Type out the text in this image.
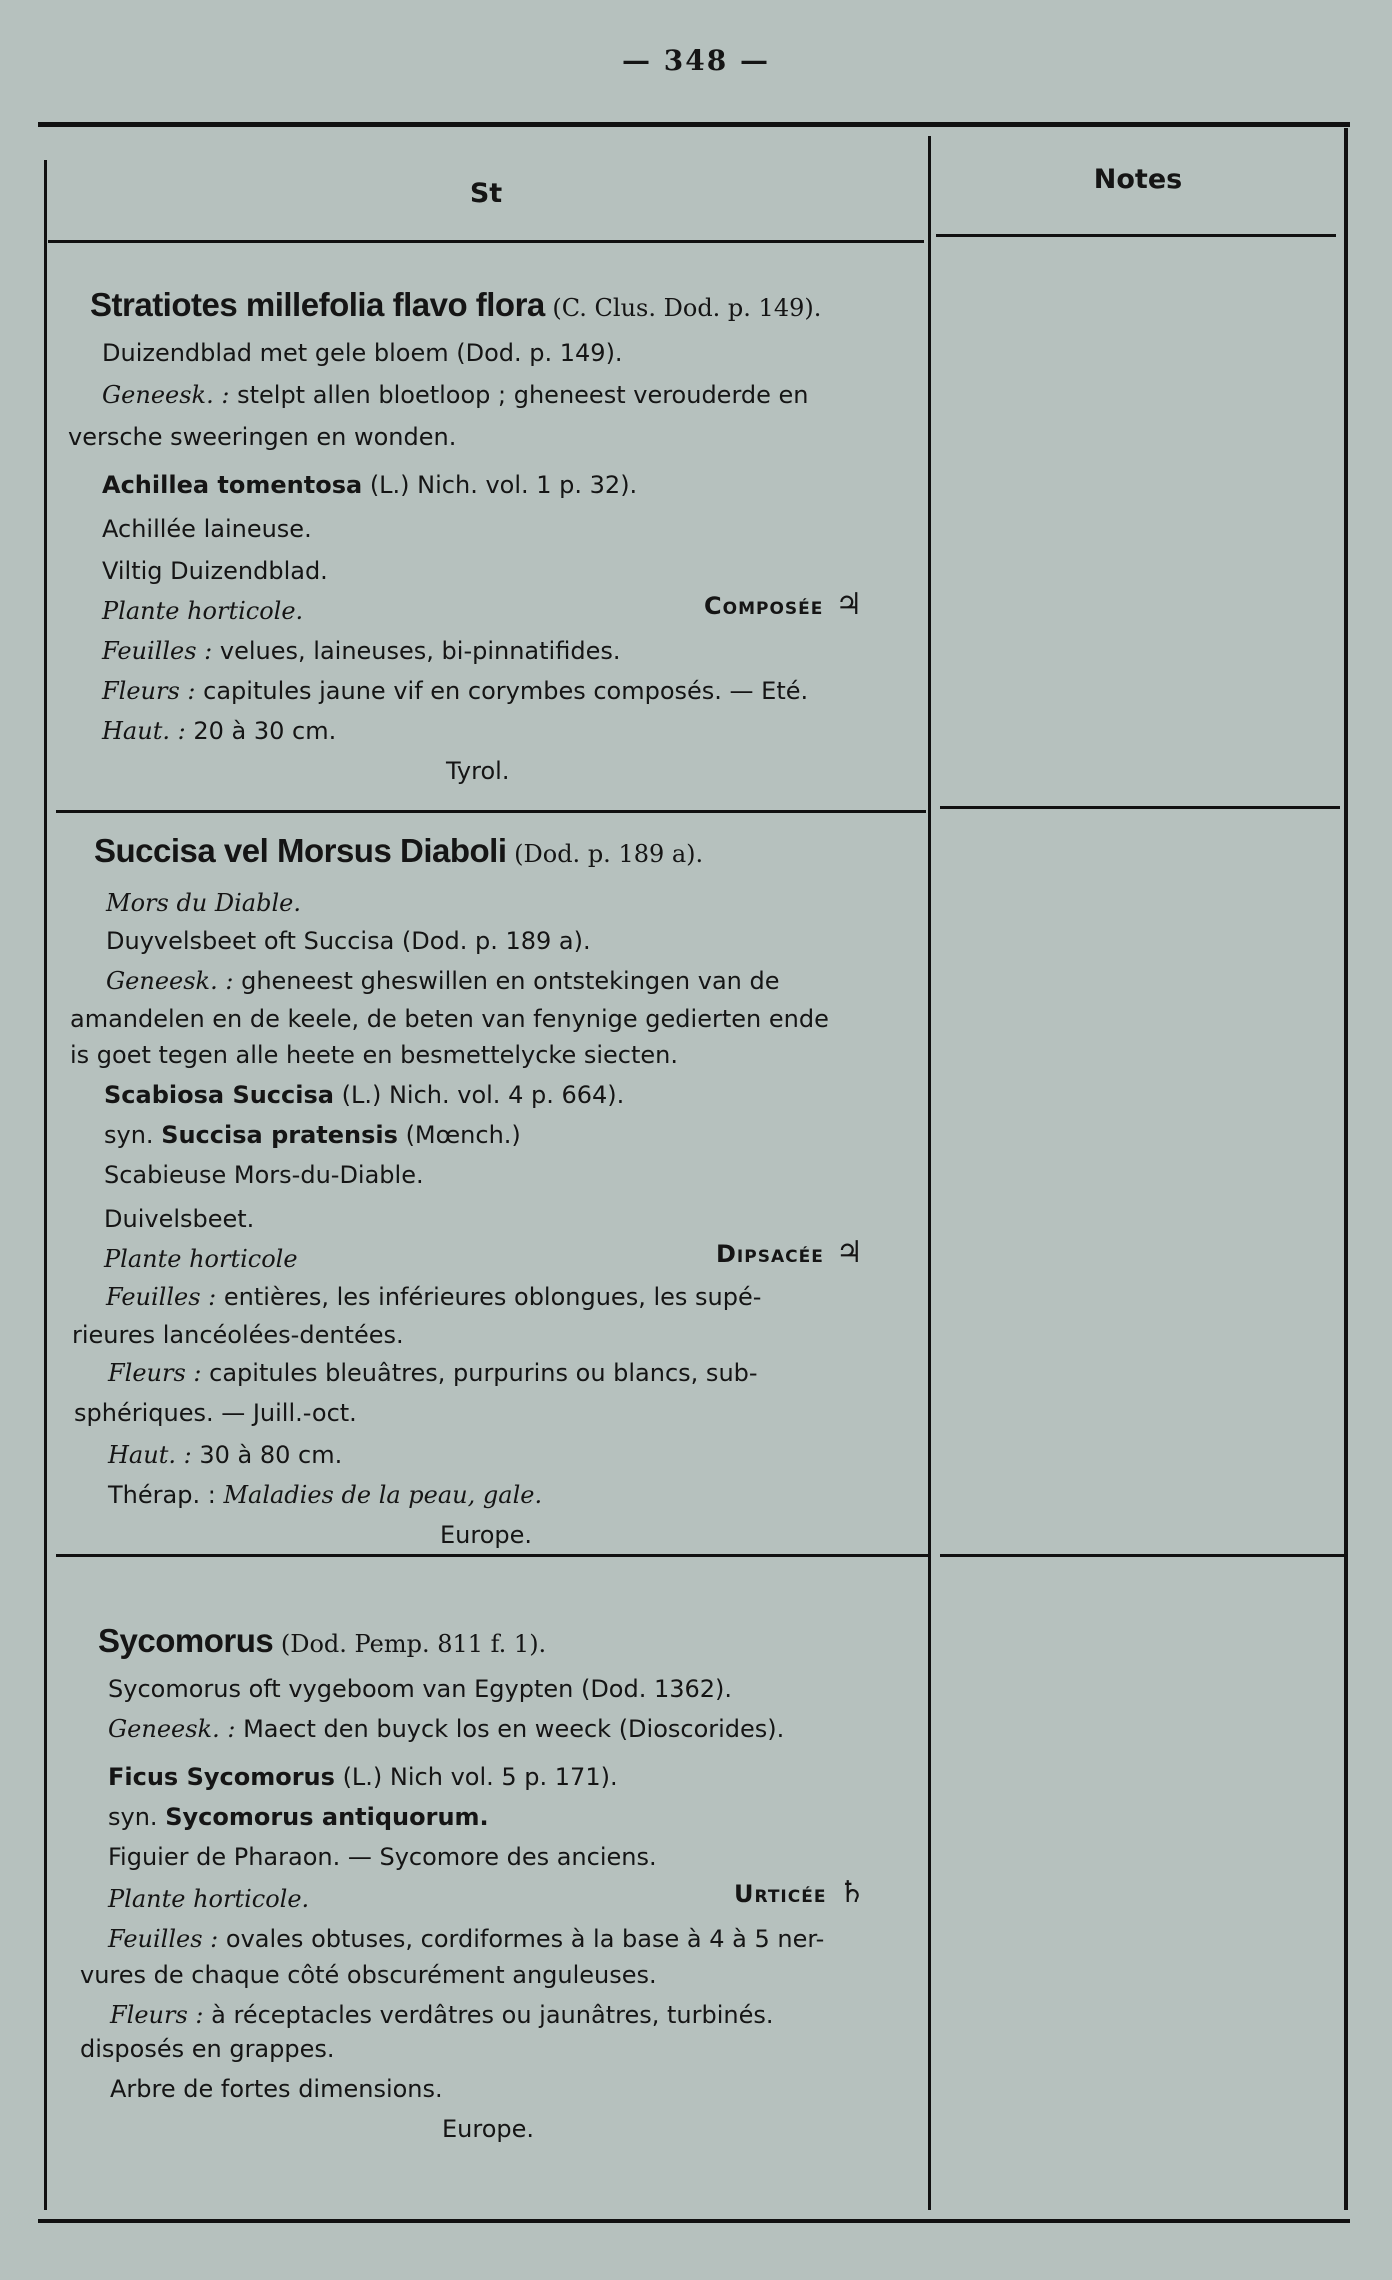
— 348 —
St	Notes
Stratiotes millefolia flavo flora (C. Clus. Dod. p. 149).
Duizendblad met gele bloem (Dod. p. 149).
Geneesk. : stelpt allen bloetloop ; gheneest verouderde en
versche sweeringen en wonden.
Achillea tomentosa (L.) Nich. vol. 1 p. 32).
Achillée laineuse.
Viltig Duizendblad.
Plante horticole.	Composée ♃
Feuilles : velues, laineuses, bi-pinnatifides.
Fleurs : capitules jaune vif en corymbes composés. — Eté.
Haut. : 20 à 30 cm.
Tyrol.
Succisa vel Morsus Diaboli (Dod. p. 189 a).
Mors du Diable.
Duyvelsbeet oft Succisa (Dod. p. 189 a).
Geneesk. : gheneest gheswillen en ontstekingen van de
amandelen en de keele, de beten van fenynige gedierten ende
is goet tegen alle heete en besmettelycke siecten.
Scabiosa Succisa (L.) Nich. vol. 4 p. 664).
syn. Succisa pratensis (Mœnch.)
Scabieuse Mors-du-Diable.
Duivelsbeet.
Plante horticole	Dipsacée ♃
Feuilles : entières, les inférieures oblongues, les supé-
rieures lancéolées-dentées.
Fleurs : capitules bleuâtres, purpurins ou blancs, sub-
sphériques. — Juill.-oct.
Haut. : 30 à 80 cm.
Thérap. : Maladies de la peau, gale.
Europe.
Sycomorus (Dod. Pemp. 811 f. 1).
Sycomorus oft vygeboom van Egypten (Dod. 1362).
Geneesk. : Maect den buyck los en weeck (Dioscorides).
Ficus Sycomorus (L.) Nich vol. 5 p. 171).
syn. Sycomorus antiquorum.
Figuier de Pharaon. — Sycomore des anciens.
Plante horticole.	Urticée ♄
Feuilles : ovales obtuses, cordiformes à la base à 4 à 5 ner-
vures de chaque côté obscurément anguleuses.
Fleurs : à réceptacles verdâtres ou jaunâtres, turbinés.
disposés en grappes.
Arbre de fortes dimensions.
Europe.
